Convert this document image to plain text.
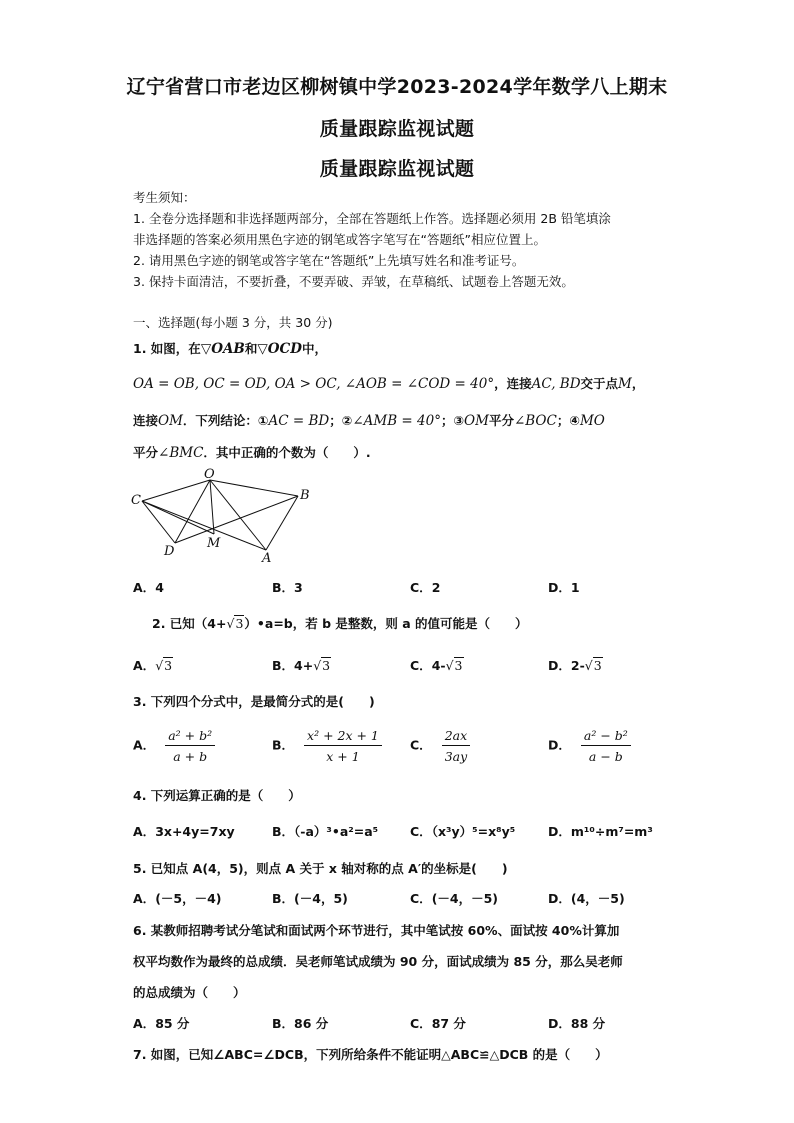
辽宁省营口市老边区柳树镇中学2023-2024学年数学八上期末
质量跟踪监视试题
质量跟踪监视试题
考生须知：
1. 全卷分选择题和非选择题两部分，全部在答题纸上作答。选择题必须用 2B 铅笔填涂
非选择题的答案必须用黑色字迹的钢笔或答字笔写在“答题纸”相应位置上。
2. 请用黑色字迹的钢笔或答字笔在“答题纸”上先填写姓名和准考证号。
3. 保持卡面清洁，不要折叠，不要弄破、弄皱，在草稿纸、试题卷上答题无效。
一、选择题(每小题 3 分，共 30 分)
1. 如图，在▽OAB和▽OCD中，
OA = OB, OC = OD, OA > OC, ∠AOB = ∠COD = 40°，连接AC, BD交于点M，
连接OM．下列结论：①AC = BD；②∠AMB = 40°；③OM平分∠BOC；④MO
平分∠BMC．其中正确的个数为（　　）.
O
C	B
D
M
A
A．4	B．3	C．2	D．1
2. 已知（4+√3）•a=b，若 b 是整数，则 a 的值可能是（　　）
A．√3	B．4+√3	C．4-√3	D．2-√3
3. 下列四个分式中，是最简分式的是(　　)
A． $\frac{\text{a² + b²}}{a + b}$	B． $\frac{\text{x² + 2x + 1}}{x + 1}$ C． $\frac{2ax}{3ay}$	D． $\frac{\text{a² − b²}}{a - b}$
4. 下列运算正确的是（　　）
A．3x+4y=7xy	B．（-a）³•a²=a⁵	C．（x³y）⁵=x⁸y⁵	D．m¹⁰÷m⁷=m³
5. 已知点 A(4，5)，则点 A 关于 x 轴对称的点 A′的坐标是(　　)
A．(－5，－4)	B．(－4，5)	C．(－4，－5)	D．(4，－5)
6. 某教师招聘考试分笔试和面试两个环节进行，其中笔试按 60%、面试按 40%计算加
权平均数作为最终的总成绩．吴老师笔试成绩为 90 分，面试成绩为 85 分，那么吴老师
的总成绩为（　　）
A．85 分	B．86 分	C．87 分	D．88 分
7. 如图，已知∠ABC=∠DCB，下列所给条件不能证明△ABC≌△DCB 的是（　　）
